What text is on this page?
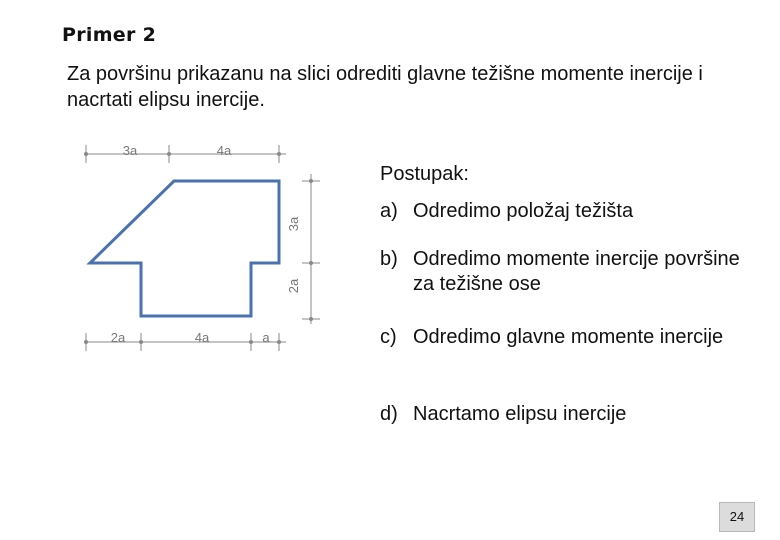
Primer 2
Za površinu prikazanu na slici odrediti glavne težišne momente inercije i nacrtati elipsu inercije.
3a	4a
3a
2a
2a	4a	a
Postupak:
a) Odredimo položaj težišta
b) Odredimo momente inercije površine za težišne ose
c) Odredimo glavne momente inercije
d) Nacrtamo elipsu inercije
24
